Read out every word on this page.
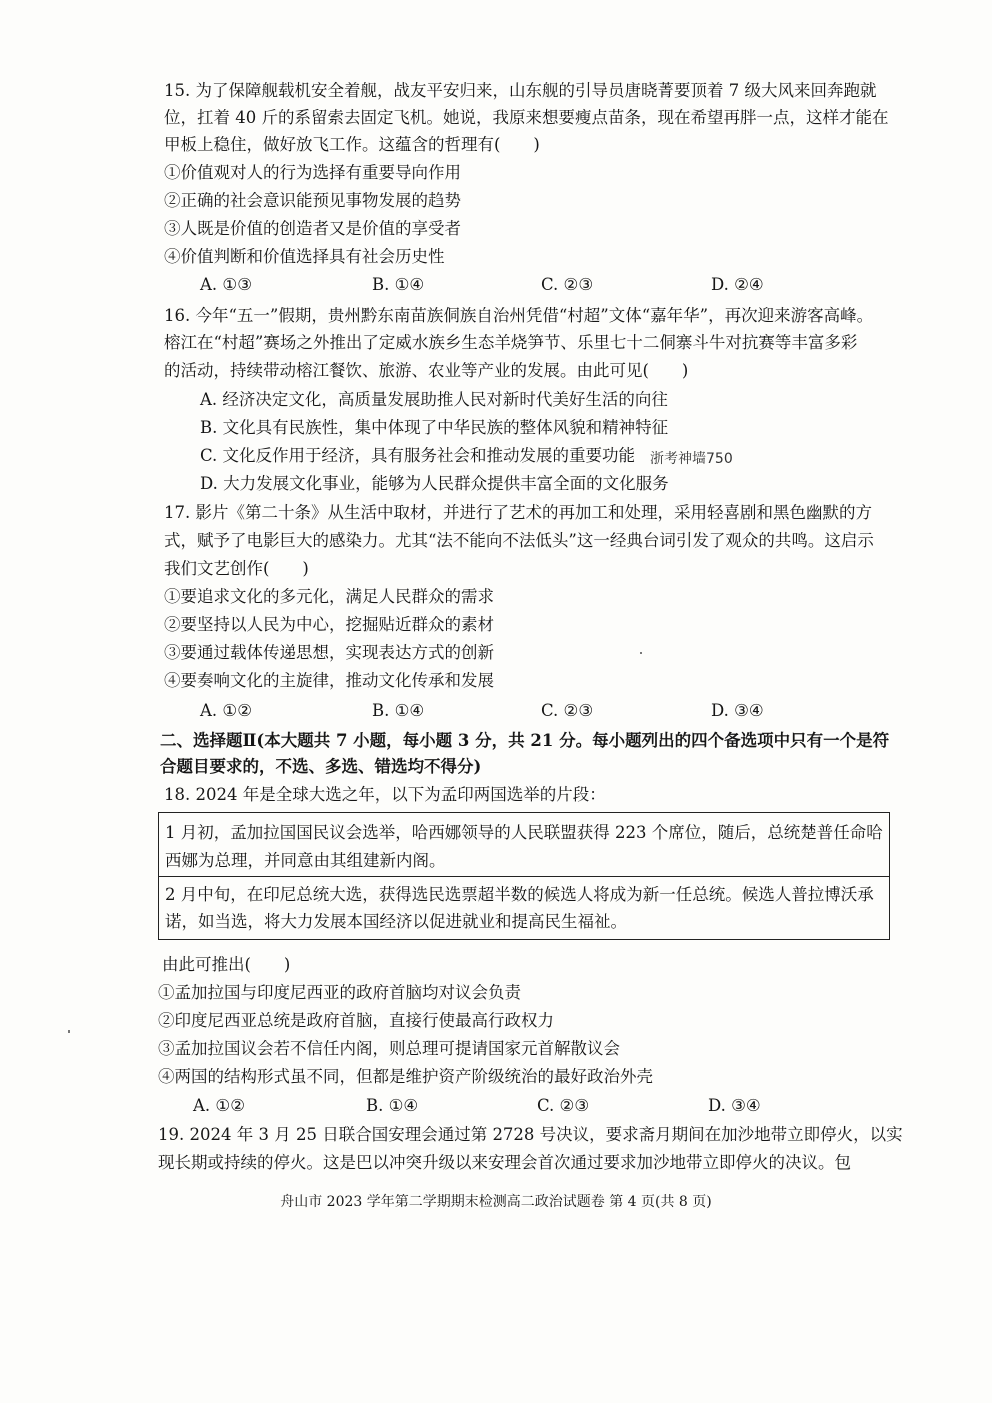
15. 为了保障舰载机安全着舰，战友平安归来，山东舰的引导员唐晓菁要顶着 7 级大风来回奔跑就
位，扛着 40 斤的系留索去固定飞机。她说，我原来想要瘦点苗条，现在希望再胖一点，这样才能在
甲板上稳住，做好放飞工作。这蕴含的哲理有(　　)
①价值观对人的行为选择有重要导向作用
②正确的社会意识能预见事物发展的趋势
③人既是价值的创造者又是价值的享受者
④价值判断和价值选择具有社会历史性
A. ①③	B. ①④	C. ②③	D. ②④
16. 今年“五一”假期，贵州黔东南苗族侗族自治州凭借“村超”文体“嘉年华”，再次迎来游客高峰。
榕江在“村超”赛场之外推出了定威水族乡生态羊烧笋节、乐里七十二侗寨斗牛对抗赛等丰富多彩
的活动，持续带动榕江餐饮、旅游、农业等产业的发展。由此可见(　　)
A. 经济决定文化，高质量发展助推人民对新时代美好生活的向往
B. 文化具有民族性，集中体现了中华民族的整体风貌和精神特征
C. 文化反作用于经济，具有服务社会和推动发展的重要功能 浙考神墙750
D. 大力发展文化事业，能够为人民群众提供丰富全面的文化服务
17. 影片《第二十条》从生活中取材，并进行了艺术的再加工和处理，采用轻喜剧和黑色幽默的方
式，赋予了电影巨大的感染力。尤其“法不能向不法低头”这一经典台词引发了观众的共鸣。这启示
我们文艺创作(　　)
①要追求文化的多元化，满足人民群众的需求
②要坚持以人民为中心，挖掘贴近群众的素材
③要通过载体传递思想，实现表达方式的创新
④要奏响文化的主旋律，推动文化传承和发展
A. ①②	B. ①④	C. ②③	D. ③④
二、选择题Ⅱ(本大题共 7 小题，每小题 3 分，共 21 分。每小题列出的四个备选项中只有一个是符
合题目要求的，不选、多选、错选均不得分)
18. 2024 年是全球大选之年，以下为孟印两国选举的片段：
1 月初，孟加拉国国民议会选举，哈西娜领导的人民联盟获得 223 个席位，随后，总统楚普任命哈
西娜为总理，并同意由其组建新内阁。
2 月中旬，在印尼总统大选，获得选民选票超半数的候选人将成为新一任总统。候选人普拉博沃承
诺，如当选，将大力发展本国经济以促进就业和提高民生福祉。
由此可推出(　　)
①孟加拉国与印度尼西亚的政府首脑均对议会负责
②印度尼西亚总统是政府首脑，直接行使最高行政权力
③孟加拉国议会若不信任内阁，则总理可提请国家元首解散议会
④两国的结构形式虽不同，但都是维护资产阶级统治的最好政治外壳
A. ①②	B. ①④	C. ②③	D. ③④
19. 2024 年 3 月 25 日联合国安理会通过第 2728 号决议，要求斋月期间在加沙地带立即停火，以实
现长期或持续的停火。这是巴以冲突升级以来安理会首次通过要求加沙地带立即停火的决议。包
舟山市 2023 学年第二学期期末检测高二政治试题卷 第 4 页(共 8 页)
